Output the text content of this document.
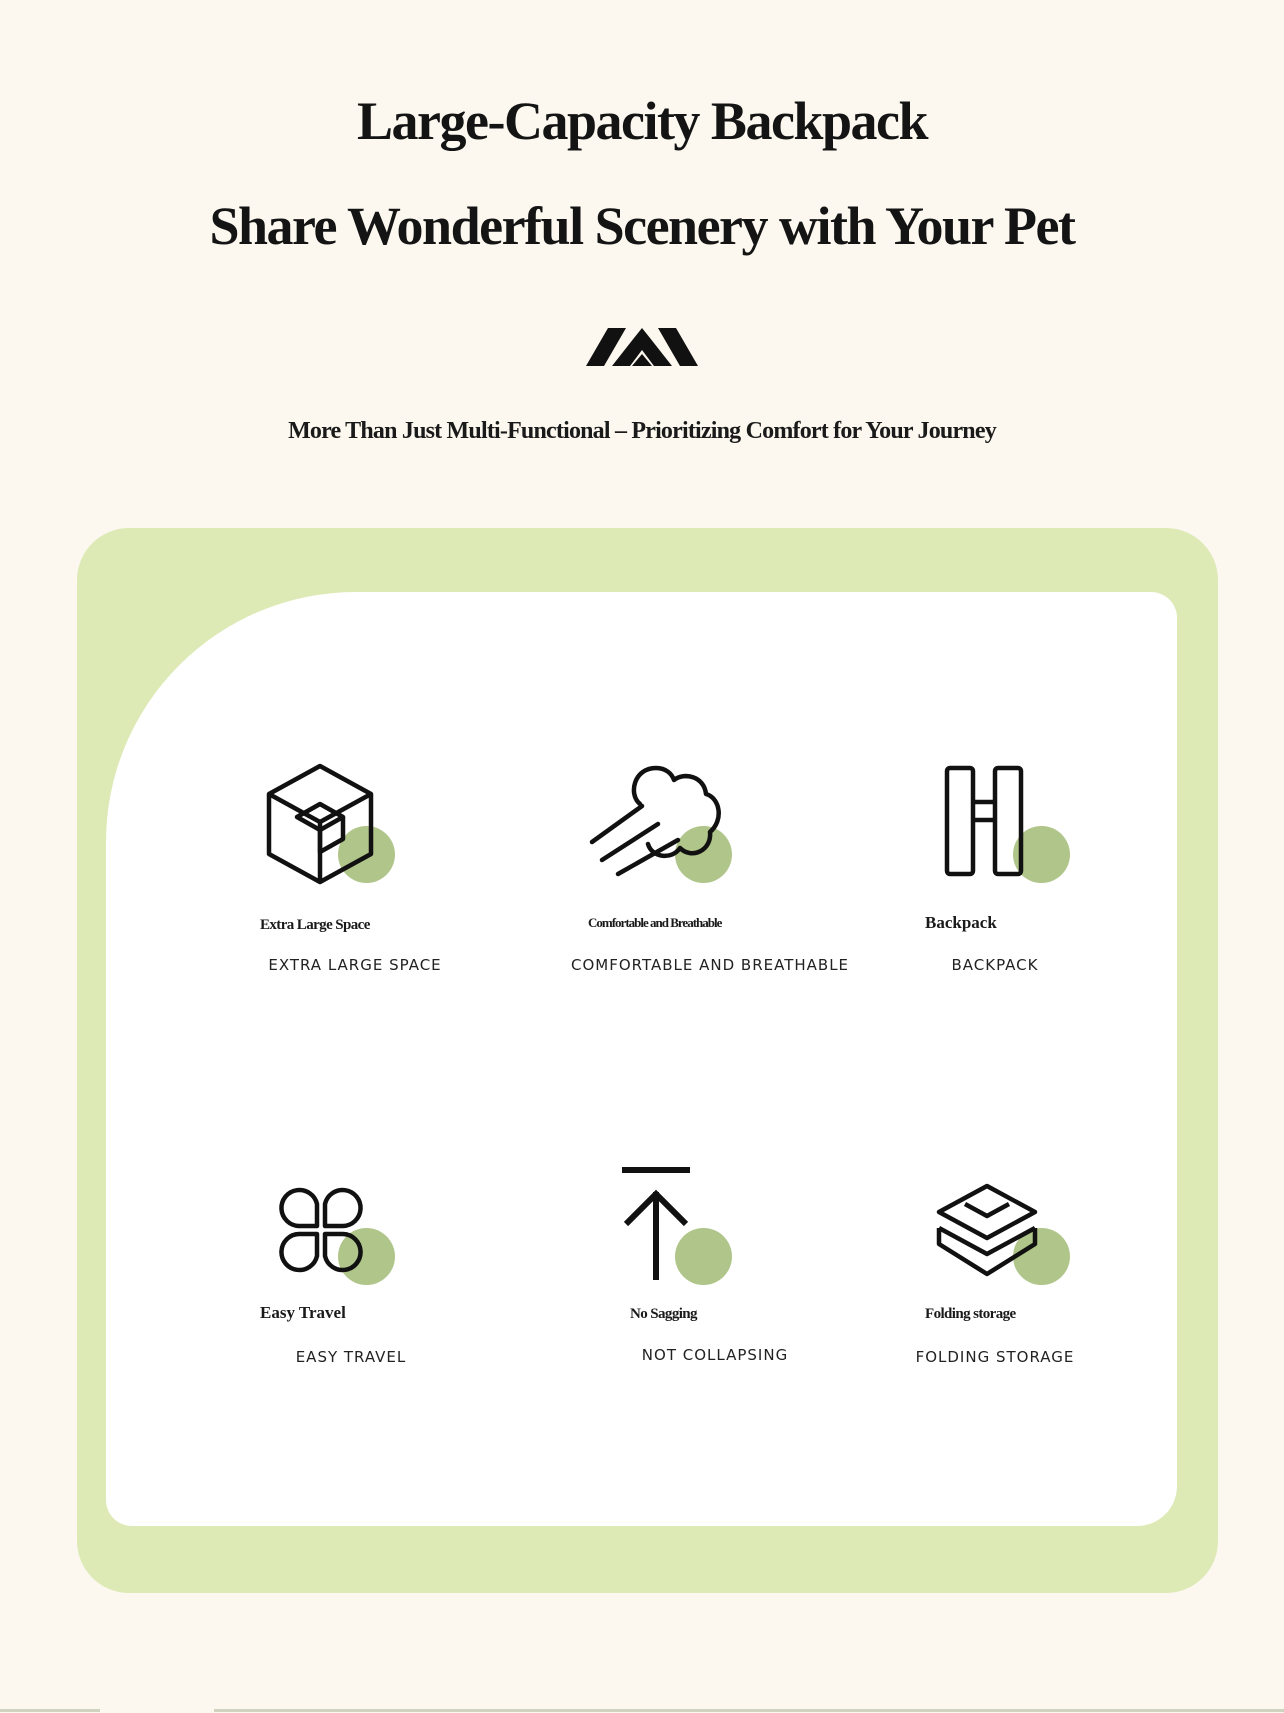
Large-Capacity Backpack
Share Wonderful Scenery with Your Pet
More Than Just Multi-Functional – Prioritizing Comfort for Your Journey
Extra Large Space
EXTRA LARGE SPACE
Comfortable and Breathable
COMFORTABLE AND BREATHABLE
Backpack
BACKPACK
Easy Travel
EASY TRAVEL
No Sagging
NOT COLLAPSING
Folding storage
FOLDING STORAGE
